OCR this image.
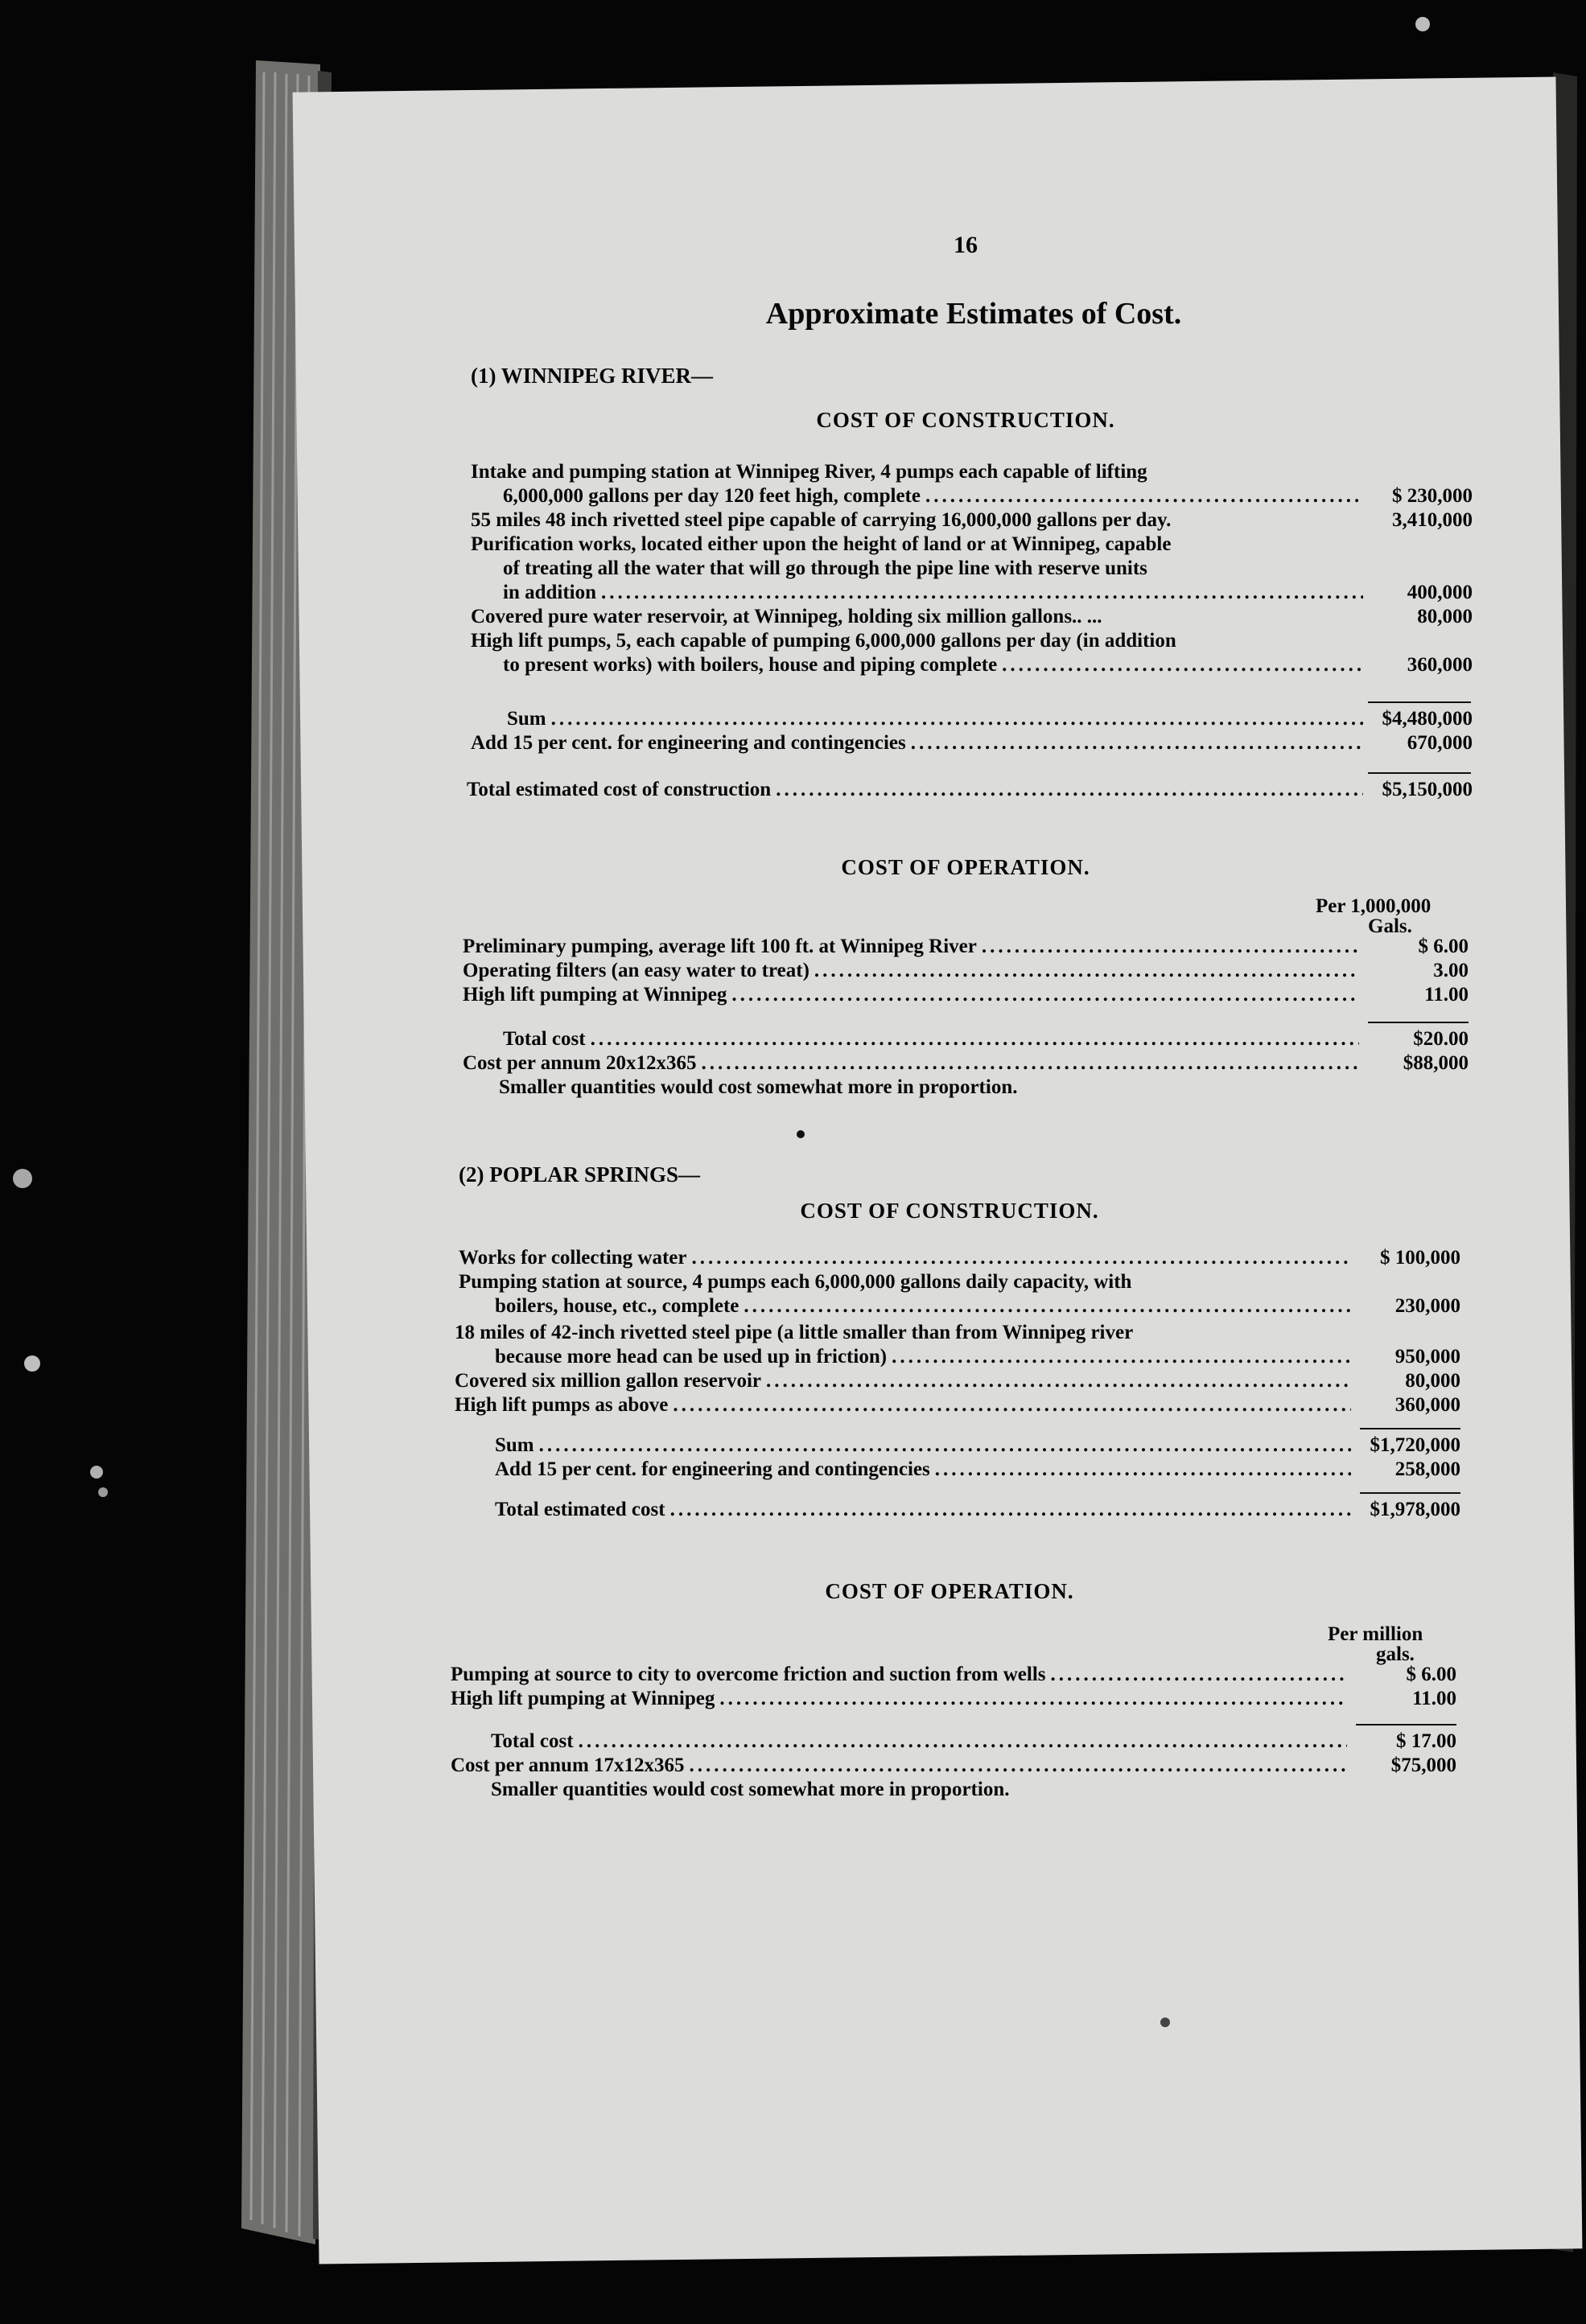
16
Approximate Estimates of Cost.
(1) WINNIPEG RIVER—
COST OF CONSTRUCTION.
Intake and pumping station at Winnipeg River, 4 pumps each capable of lifting
6,000,000 gallons per day 120 feet high, complete .....	$ 230,000
55 miles 48 inch rivetted steel pipe capable of carrying 16,000,000 gallons per day.	3,410,000
Purification works, located either upon the height of land or at Winnipeg, capable
of treating all the water that will go through the pipe line with reserve units
in addition .....	400,000
Covered pure water reservoir, at Winnipeg, holding six million gallons.. ...	80,000
High lift pumps, 5, each capable of pumping 6,000,000 gallons per day (in addition
to present works) with boilers, house and piping complete .....	360,000
Sum .....	$4,480,000
Add 15 per cent. for engineering and contingencies .....	670,000
Total estimated cost of construction .....	$5,150,000
COST OF OPERATION.
Per 1,000,000
Gals.
Preliminary pumping, average lift 100 ft. at Winnipeg River .....	$ 6.00
Operating filters (an easy water to treat) .....	3.00
High lift pumping at Winnipeg .....	11.00
Total cost .....	$20.00
Cost per annum 20x12x365 .....	$88,000
Smaller quantities would cost somewhat more in proportion.
(2) POPLAR SPRINGS—
COST OF CONSTRUCTION.
Works for collecting water .....	$ 100,000
Pumping station at source, 4 pumps each 6,000,000 gallons daily capacity, with
boilers, house, etc., complete .....	230,000
18 miles of 42-inch rivetted steel pipe (a little smaller than from Winnipeg river
because more head can be used up in friction) .....	950,000
Covered six million gallon reservoir .....	80,000
High lift pumps as above .....	360,000
Sum .....	$1,720,000
Add 15 per cent. for engineering and contingencies .....	258,000
Total estimated cost .....	$1,978,000
COST OF OPERATION.
Per million
gals.
Pumping at source to city to overcome friction and suction from wells .....	$ 6.00
High lift pumping at Winnipeg .....	11.00
Total cost .....	$ 17.00
Cost per annum 17x12x365 .....	$75,000
Smaller quantities would cost somewhat more in proportion.
